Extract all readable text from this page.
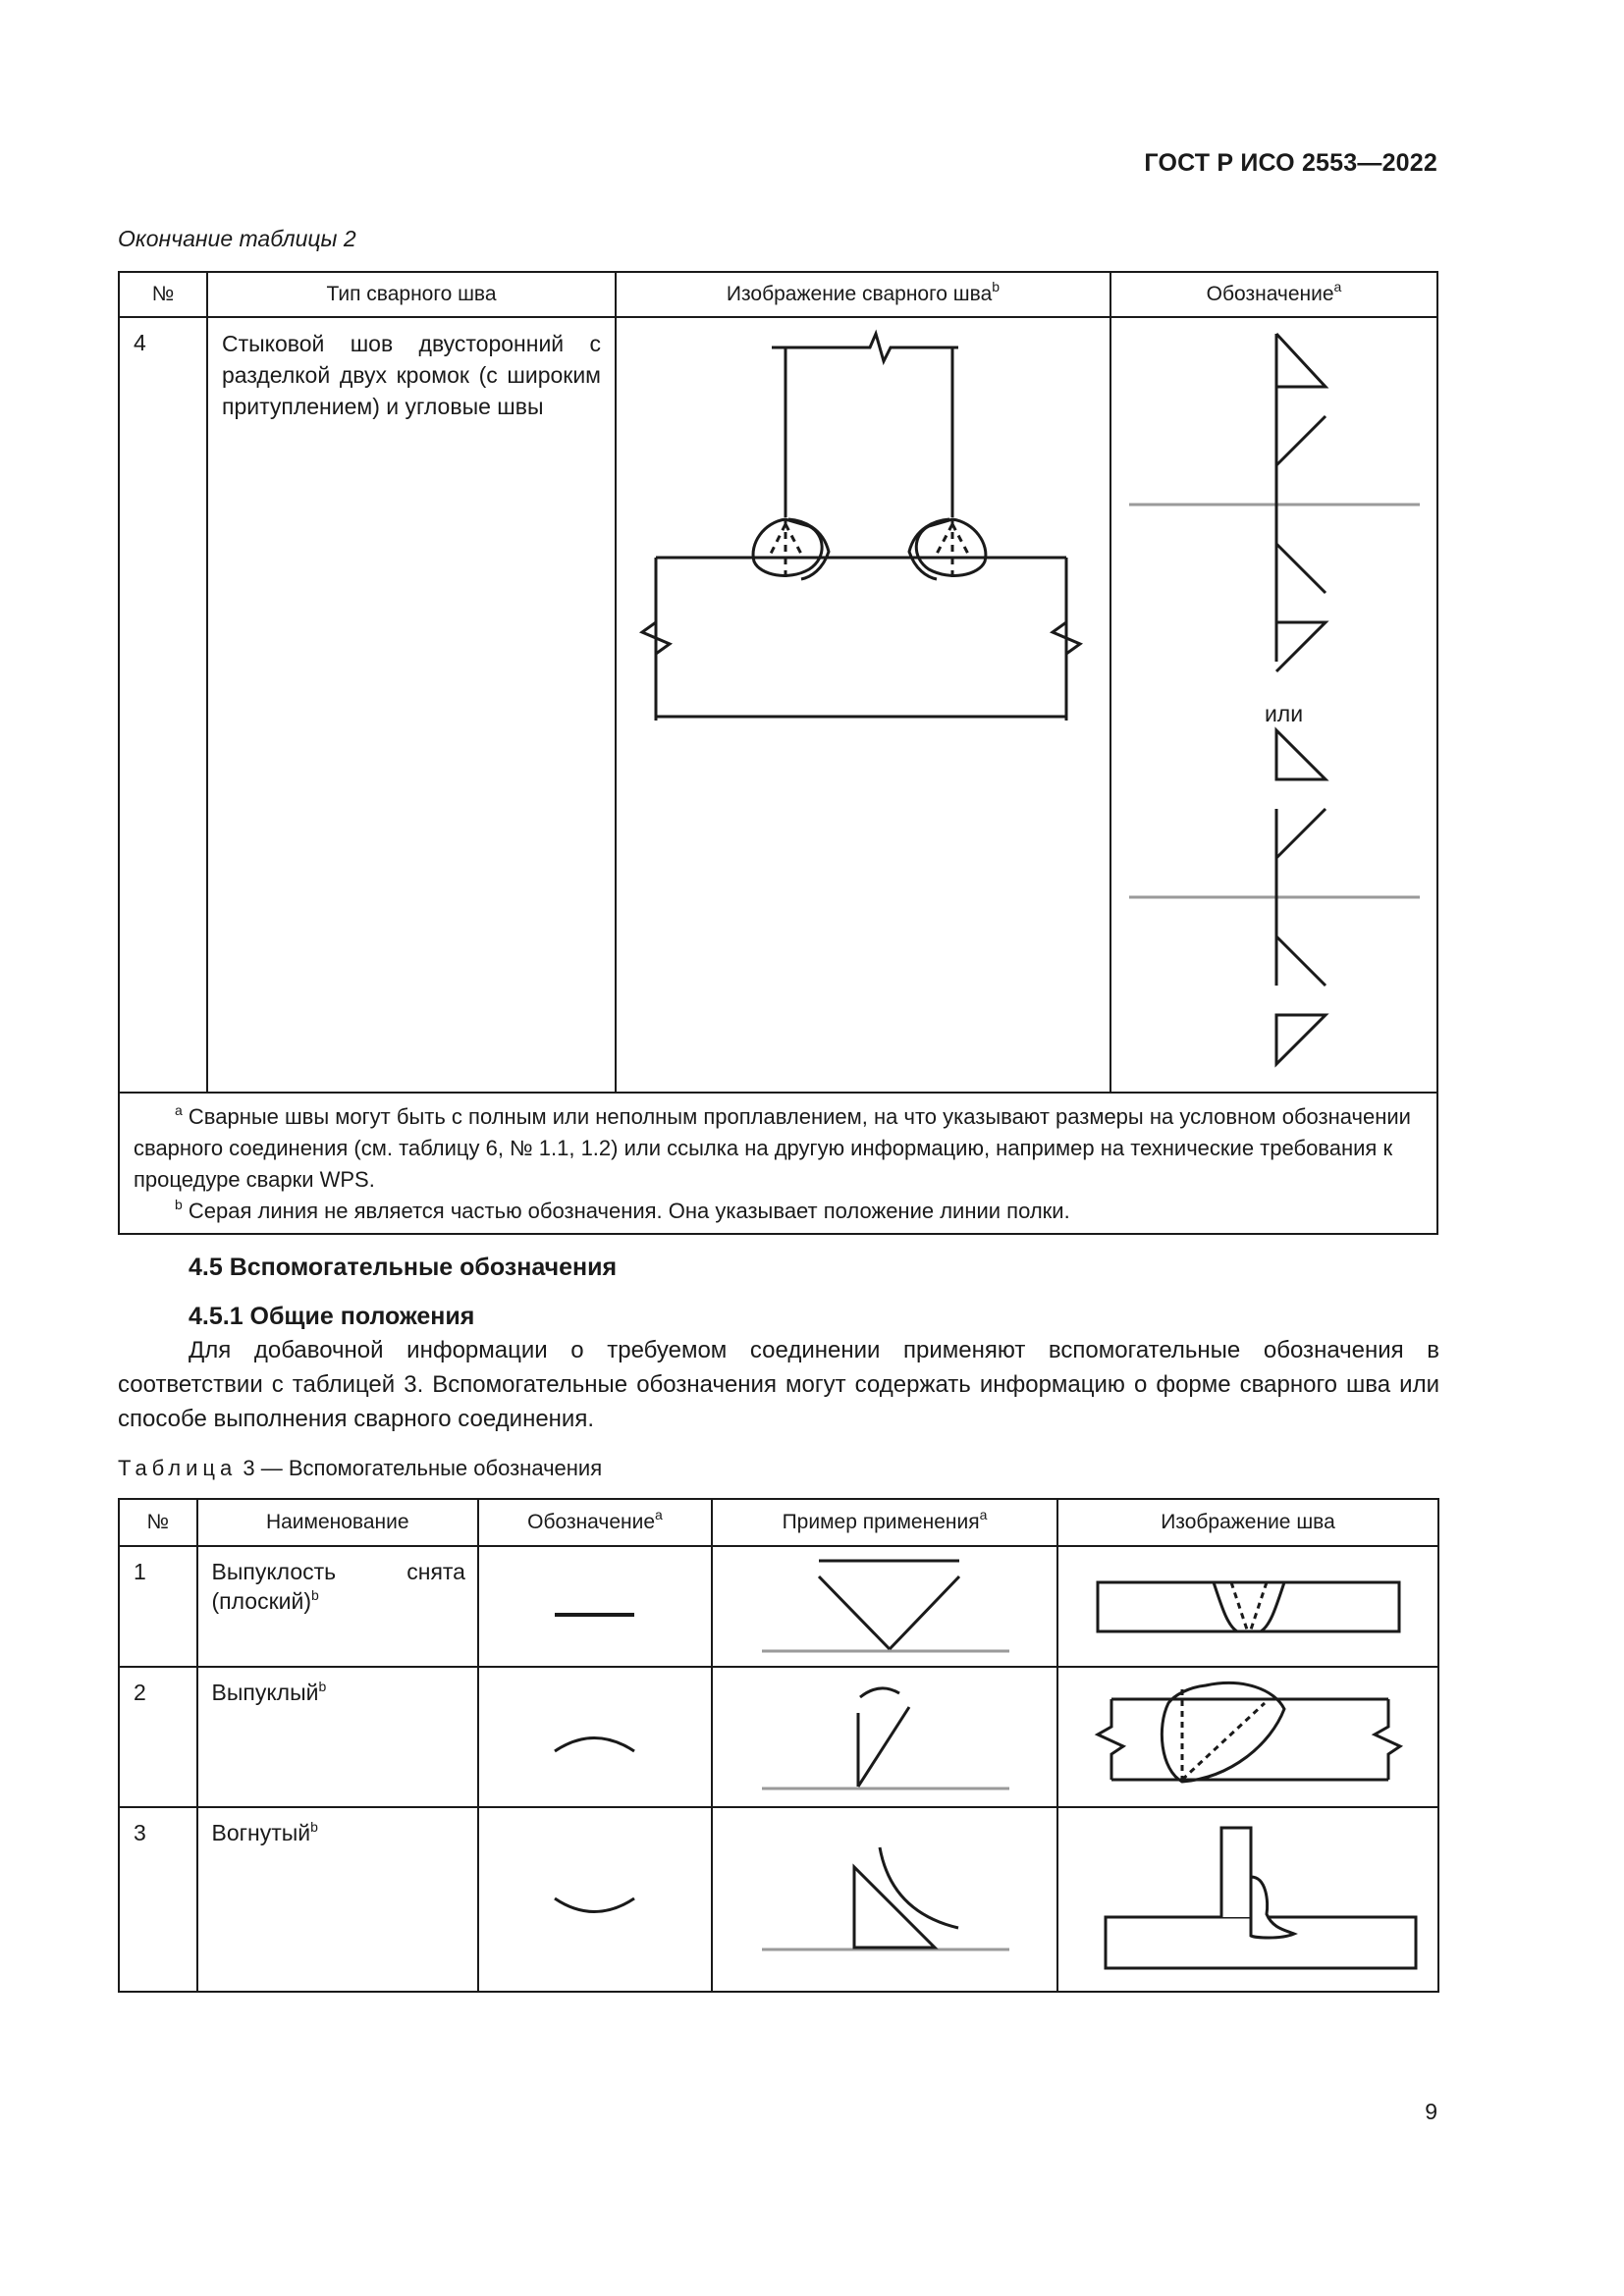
ГОСТ Р ИСО 2553—2022
Окончание таблицы 2
№	Тип сварного шва	Изображение сварного шва$^b$	Обозначение$^a$
4	Стыковой шов двусторонний с разделкой двух кромок (с широким притуплением) и угловые швы		или

$^a$ Сварные швы могут быть с полным или неполным проплавлением, на что указывают размеры на условном обозначении сварного соединения (см. таблицу 6, № 1.1, 1.2) или ссылка на другую информацию, например на технические требования к процедуре сварки WPS.

$^b$ Серая линия не является частью обозначения. Она указывает положение линии полки.			

4.5 Вспомогательные обозначения
4.5.1 Общие положения
Для добавочной информации о требуемом соединении применяют вспомогательные обозначения в соответствии с таблицей 3. Вспомогательные обозначения могут содержать информацию о форме сварного шва или способе выполнения сварного соединения.
Таблица 3 — Вспомогательные обозначения
№	Наименование	Обозначение$^a$	Пример применения$^a$	Изображение шва
1	Выпуклость снята
(плоский)$^b$	

2	Выпуклый$^b$	

3	Вогнутый$^b$	

9
